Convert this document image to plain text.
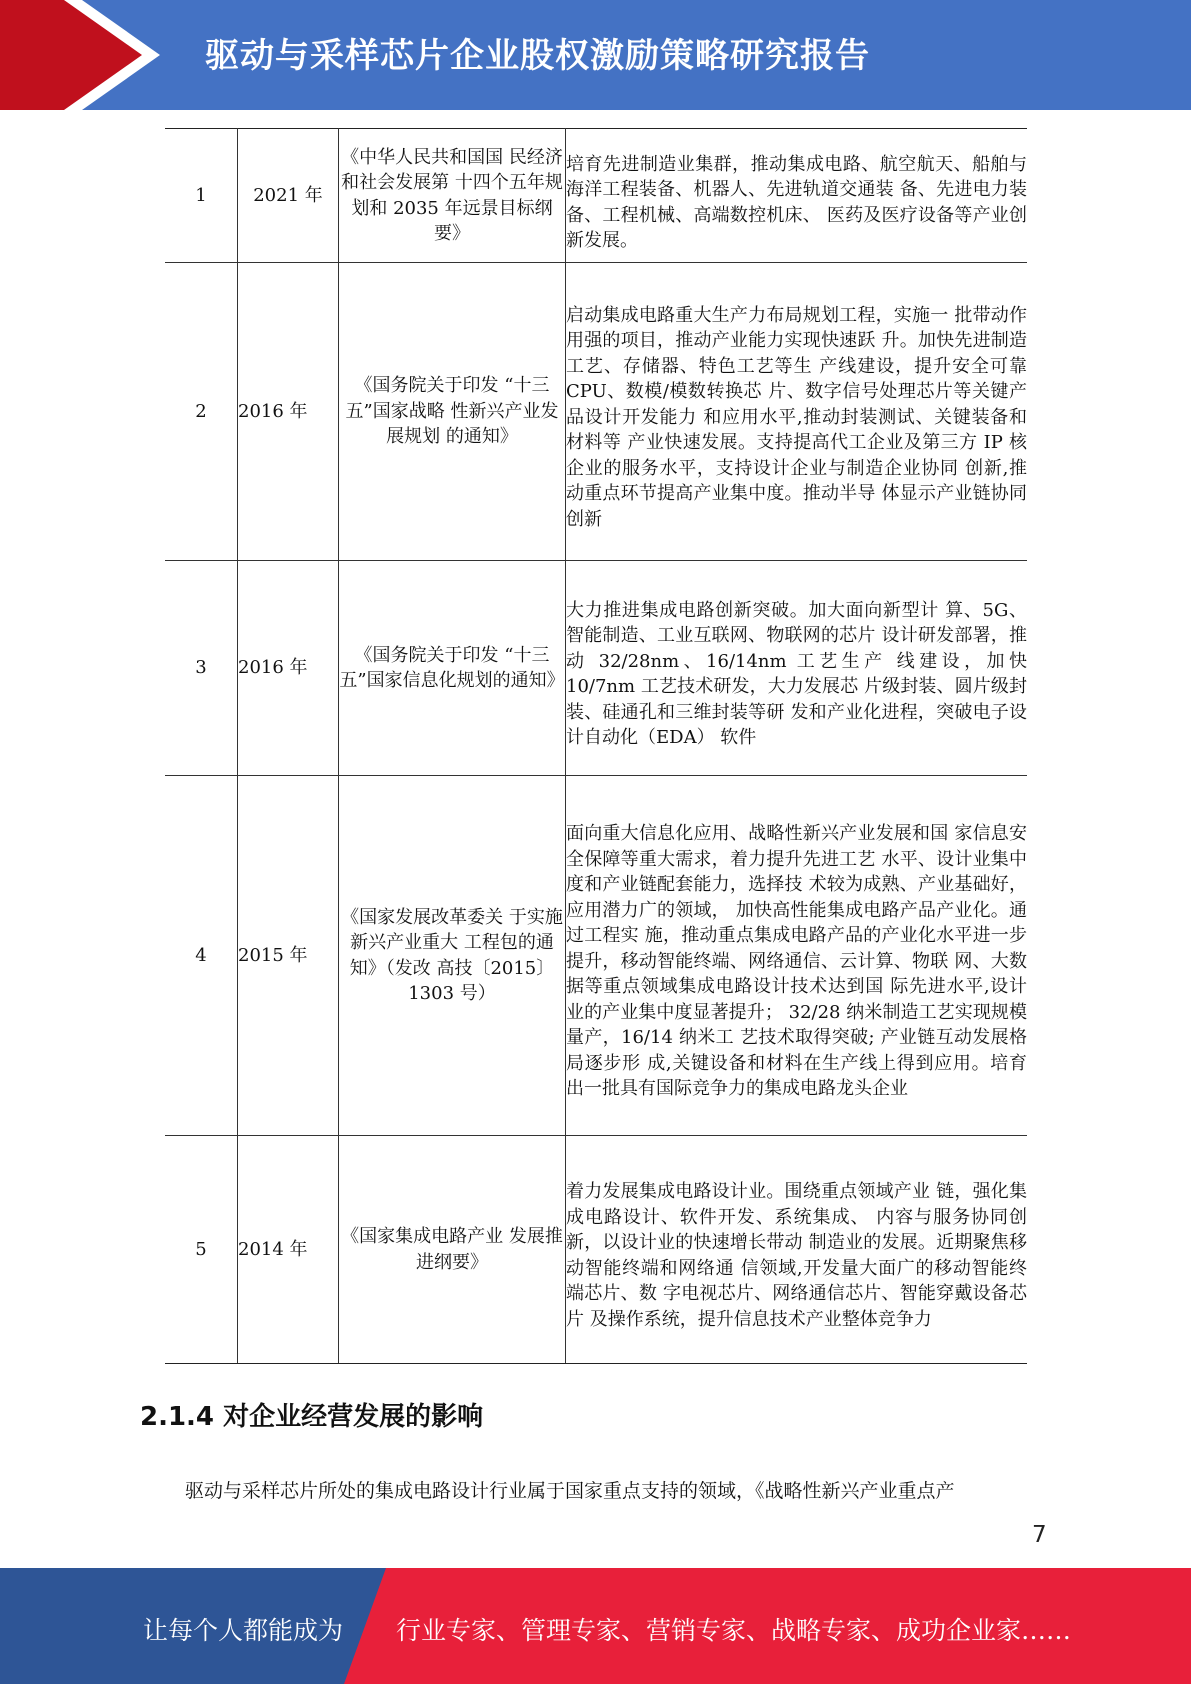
驱动与采样芯片企业股权激励策略研究报告
1	2021 年	《中华人民共和国国 民经济和社会发展第 十四个五年规划和 2035 年远景目标纲要》	培育先进制造业集群，推动集成电路、航空航天、船舶与海洋工程装备、机器人、先进轨道交通装 备、先进电力装备、工程机械、高端数控机床、 医药及医疗设备等产业创新发展。

2	2016 年	《国务院关于印发 “十三五”国家战略 性新兴产业发展规划 的通知》	启动集成电路重大生产力布局规划工程，实施一 批带动作用强的项目，推动产业能力实现快速跃 升。加快先进制造工艺、存储器、特色工艺等生 产线建设，提升安全可靠 CPU、数模/模数转换芯 片、数字信号处理芯片等关键产品设计开发能力 和应用水平,推动封装测试、关键装备和材料等 产业快速发展。支持提高代工企业及第三方 IP 核 企业的服务水平，支持设计企业与制造企业协同 创新,推动重点环节提高产业集中度。推动半导 体显示产业链协同创新

3	2016 年	《国务院关于印发 “十三五”国家信息化规划的通知》	大力推进集成电路创新突破。加大面向新型计 算、5G、智能制造、工业互联网、物联网的芯片 设计研发部署，推动 32/28nm、16/14nm 工艺生产 线建设，加快 10/7nm 工艺技术研发，大力发展芯 片级封装、圆片级封装、硅通孔和三维封装等研 发和产业化进程，突破电子设计自动化（EDA） 软件

4	2015 年	《国家发展改革委关 于实施新兴产业重大 工程包的通知》（发改 高技〔2015〕 1303 号）	面向重大信息化应用、战略性新兴产业发展和国 家信息安全保障等重大需求，着力提升先进工艺 水平、设计业集中度和产业链配套能力，选择技 术较为成熟、产业基础好，应用潜力广的领域， 加快高性能集成电路产品产业化。通过工程实 施，推动重点集成电路产品的产业化水平进一步提升，移动智能终端、网络通信、云计算、物联 网、大数据等重点领域集成电路设计技术达到国 际先进水平,设计业的产业集中度显著提升； 32/28 纳米制造工艺实现规模量产，16/14 纳米工 艺技术取得突破; 产业链互动发展格局逐步形 成,关键设备和材料在生产线上得到应用。培育 出一批具有国际竞争力的集成电路龙头企业

5	2014 年	《国家集成电路产业 发展推进纲要》	着力发展集成电路设计业。围绕重点领域产业 链，强化集成电路设计、软件开发、系统集成、 内容与服务协同创新，以设计业的快速增长带动 制造业的发展。近期聚焦移动智能终端和网络通 信领域,开发量大面广的移动智能终端芯片、数 字电视芯片、网络通信芯片、智能穿戴设备芯片 及操作系统，提升信息技术产业整体竞争力
2.1.4 对企业经营发展的影响
驱动与采样芯片所处的集成电路设计行业属于国家重点支持的领域，《战略性新兴产业重点产
7
让每个人都能成为 行业专家、管理专家、营销专家、战略专家、成功企业家……
